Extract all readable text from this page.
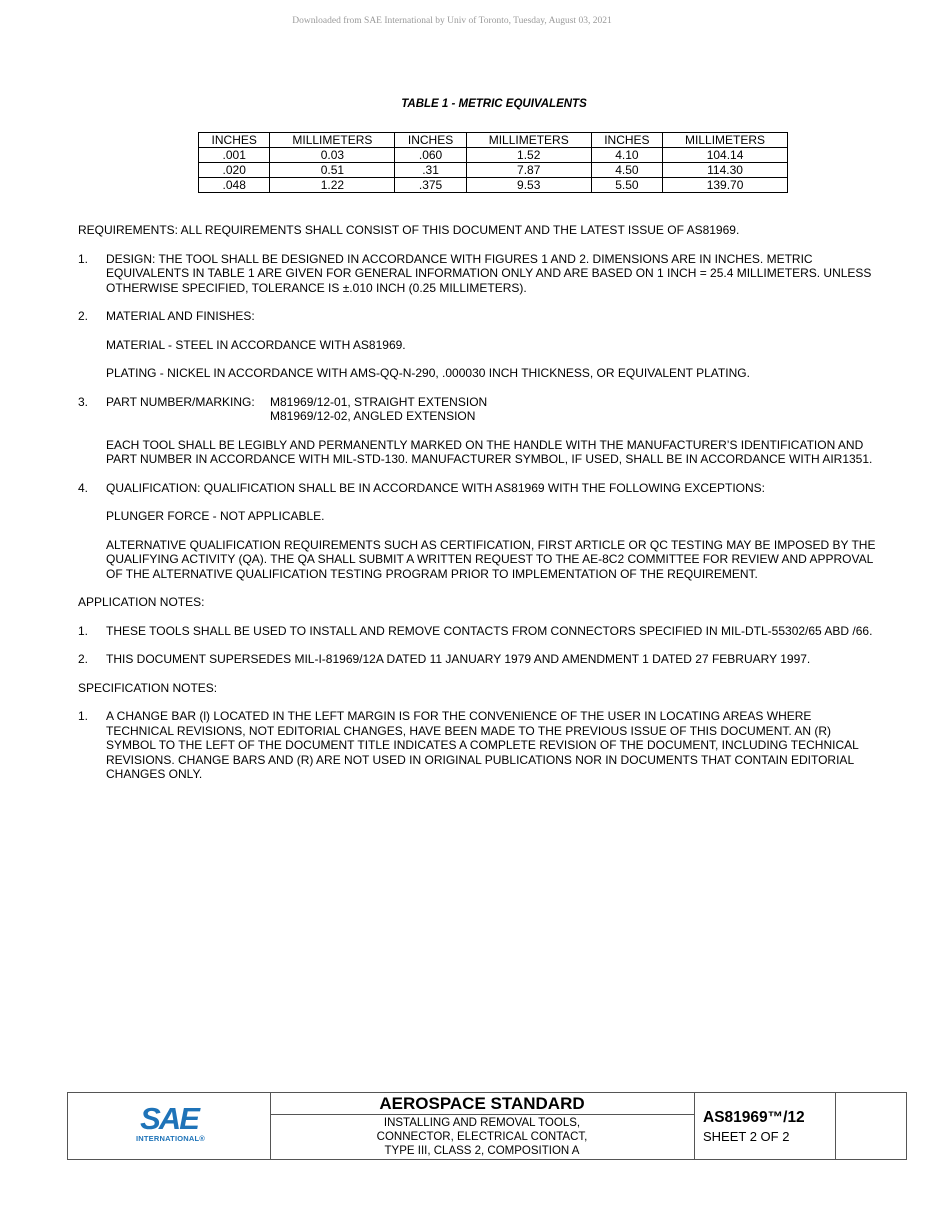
Downloaded from SAE International by Univ of Toronto, Tuesday, August 03, 2021
TABLE 1 - METRIC EQUIVALENTS
INCHES	MILLIMETERS	INCHES	MILLIMETERS	INCHES	MILLIMETERS
.001	0.03	.060	1.52	4.10	104.14
.020	0.51	.31	7.87	4.50	114.30
.048	1.22	.375	9.53	5.50	139.70

REQUIREMENTS: ALL REQUIREMENTS SHALL CONSIST OF THIS DOCUMENT AND THE LATEST ISSUE OF AS81969.

1.	DESIGN: THE TOOL SHALL BE DESIGNED IN ACCORDANCE WITH FIGURES 1 AND 2. DIMENSIONS ARE IN INCHES. METRIC EQUIVALENTS IN TABLE 1 ARE GIVEN FOR GENERAL INFORMATION ONLY AND ARE BASED ON 1 INCH = 25.4 MILLIMETERS. UNLESS OTHERWISE SPECIFIED, TOLERANCE IS ±.010 INCH (0.25 MILLIMETERS).
2.	MATERIAL AND FINISHES:

MATERIAL - STEEL IN ACCORDANCE WITH AS81969.

PLATING - NICKEL IN ACCORDANCE WITH AMS-QQ-N-290, .000030 INCH THICKNESS, OR EQUIVALENT PLATING.

3.	PART NUMBER/MARKING:	M81969/12-01, STRAIGHT EXTENSION
M81969/12-02, ANGLED EXTENSION

EACH TOOL SHALL BE LEGIBLY AND PERMANENTLY MARKED ON THE HANDLE WITH THE MANUFACTURER’S IDENTIFICATION AND PART NUMBER IN ACCORDANCE WITH MIL-STD-130. MANUFACTURER SYMBOL, IF USED, SHALL BE IN ACCORDANCE WITH AIR1351.

4.	QUALIFICATION: QUALIFICATION SHALL BE IN ACCORDANCE WITH AS81969 WITH THE FOLLOWING EXCEPTIONS:

PLUNGER FORCE - NOT APPLICABLE.

ALTERNATIVE QUALIFICATION REQUIREMENTS SUCH AS CERTIFICATION, FIRST ARTICLE OR QC TESTING MAY BE IMPOSED BY THE QUALIFYING ACTIVITY (QA). THE QA SHALL SUBMIT A WRITTEN REQUEST TO THE AE-8C2 COMMITTEE FOR REVIEW AND APPROVAL OF THE ALTERNATIVE QUALIFICATION TESTING PROGRAM PRIOR TO IMPLEMENTATION OF THE REQUIREMENT.

APPLICATION NOTES:

1.	THESE TOOLS SHALL BE USED TO INSTALL AND REMOVE CONTACTS FROM CONNECTORS SPECIFIED IN MIL-DTL-55302/65 ABD /66.
2.	THIS DOCUMENT SUPERSEDES MIL-I-81969/12A DATED 11 JANUARY 1979 AND AMENDMENT 1 DATED 27 FEBRUARY 1997.

SPECIFICATION NOTES:

1.	A CHANGE BAR (l) LOCATED IN THE LEFT MARGIN IS FOR THE CONVENIENCE OF THE USER IN LOCATING AREAS WHERE TECHNICAL REVISIONS, NOT EDITORIAL CHANGES, HAVE BEEN MADE TO THE PREVIOUS ISSUE OF THIS DOCUMENT. AN (R) SYMBOL TO THE LEFT OF THE DOCUMENT TITLE INDICATES A COMPLETE REVISION OF THE DOCUMENT, INCLUDING TECHNICAL REVISIONS. CHANGE BARS AND (R) ARE NOT USED IN ORIGINAL PUBLICATIONS NOR IN DOCUMENTS THAT CONTAIN EDITORIAL CHANGES ONLY.
SAE
INTERNATIONAL®
AEROSPACE STANDARD
INSTALLING AND REMOVAL TOOLS,
CONNECTOR, ELECTRICAL CONTACT,
TYPE III, CLASS 2, COMPOSITION A
AS81969™/12
SHEET 2 OF 2
